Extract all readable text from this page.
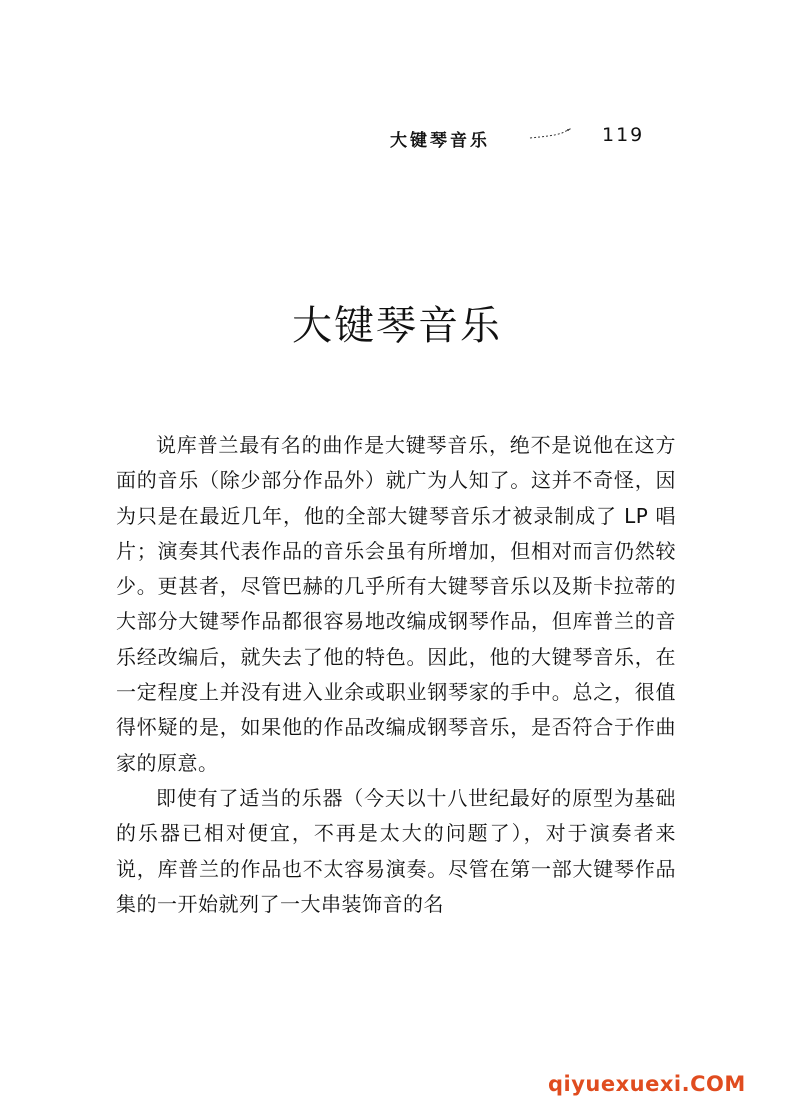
大键琴音乐	119
大键琴音乐

说库普兰最有名的曲作是大键琴音乐，绝不是说他在这方面的音乐（除少部分作品外）就广为人知了。这并不奇怪，因为只是在最近几年，他的全部大键琴音乐才被录制成了 LP 唱片；演奏其代表作品的音乐会虽有所增加，但相对而言仍然较少。更甚者，尽管巴赫的几乎所有大键琴音乐以及斯卡拉蒂的大部分大键琴作品都很容易地改编成钢琴作品，但库普兰的音乐经改编后，就失去了他的特色。因此，他的大键琴音乐，在一定程度上并没有进入业余或职业钢琴家的手中。总之，很值得怀疑的是，如果他的作品改编成钢琴音乐，是否符合于作曲家的原意。

即使有了适当的乐器（今天以十八世纪最好的原型为基础的乐器已相对便宜，不再是太大的问题了），对于演奏者来说，库普兰的作品也不太容易演奏。尽管在第一部大键琴作品集的一开始就列了一大串装饰音的名

qiyuexuexi.COM
